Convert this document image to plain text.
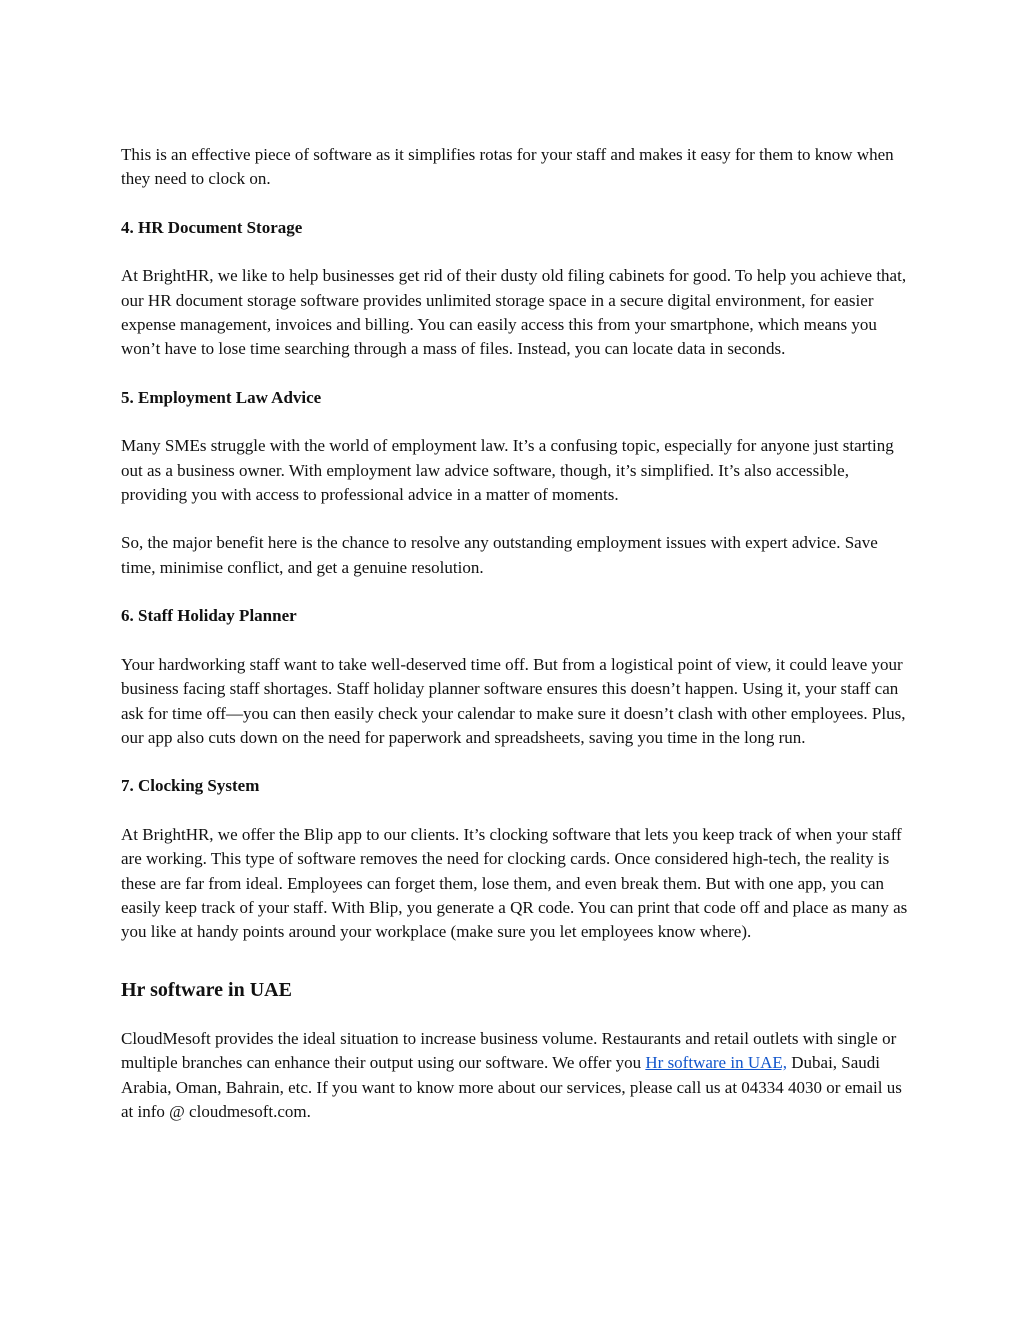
This is an effective piece of software as it simplifies rotas for your staff and makes it easy for them to know when they need to clock on.

4. HR Document Storage

At BrightHR, we like to help businesses get rid of their dusty old filing cabinets for good. To help you achieve that, our HR document storage software provides unlimited storage space in a secure digital environment, for easier expense management, invoices and billing. You can easily access this from your smartphone, which means you won’t have to lose time searching through a mass of files. Instead, you can locate data in seconds.

5. Employment Law Advice

Many SMEs struggle with the world of employment law. It’s a confusing topic, especially for anyone just starting out as a business owner. With employment law advice software, though, it’s simplified. It’s also accessible, providing you with access to professional advice in a matter of moments.

So, the major benefit here is the chance to resolve any outstanding employment issues with expert advice. Save time, minimise conflict, and get a genuine resolution.

6. Staff Holiday Planner

Your hardworking staff want to take well-deserved time off. But from a logistical point of view, it could leave your business facing staff shortages. Staff holiday planner software ensures this doesn’t happen. Using it, your staff can ask for time off—you can then easily check your calendar to make sure it doesn’t clash with other employees. Plus, our app also cuts down on the need for paperwork and spreadsheets, saving you time in the long run.

7. Clocking System

At BrightHR, we offer the Blip app to our clients. It’s clocking software that lets you keep track of when your staff are working. This type of software removes the need for clocking cards. Once considered high-tech, the reality is these are far from ideal. Employees can forget them, lose them, and even break them. But with one app, you can easily keep track of your staff. With Blip, you generate a QR code. You can print that code off and place as many as you like at handy points around your workplace (make sure you let employees know where).

Hr software in UAE

CloudMesoft provides the ideal situation to increase business volume. Restaurants and retail outlets with single or multiple branches can enhance their output using our software. We offer you Hr software in UAE, Dubai, Saudi Arabia, Oman, Bahrain, etc. If you want to know more about our services, please call us at 04334 4030 or email us at info @ cloudmesoft.com.
